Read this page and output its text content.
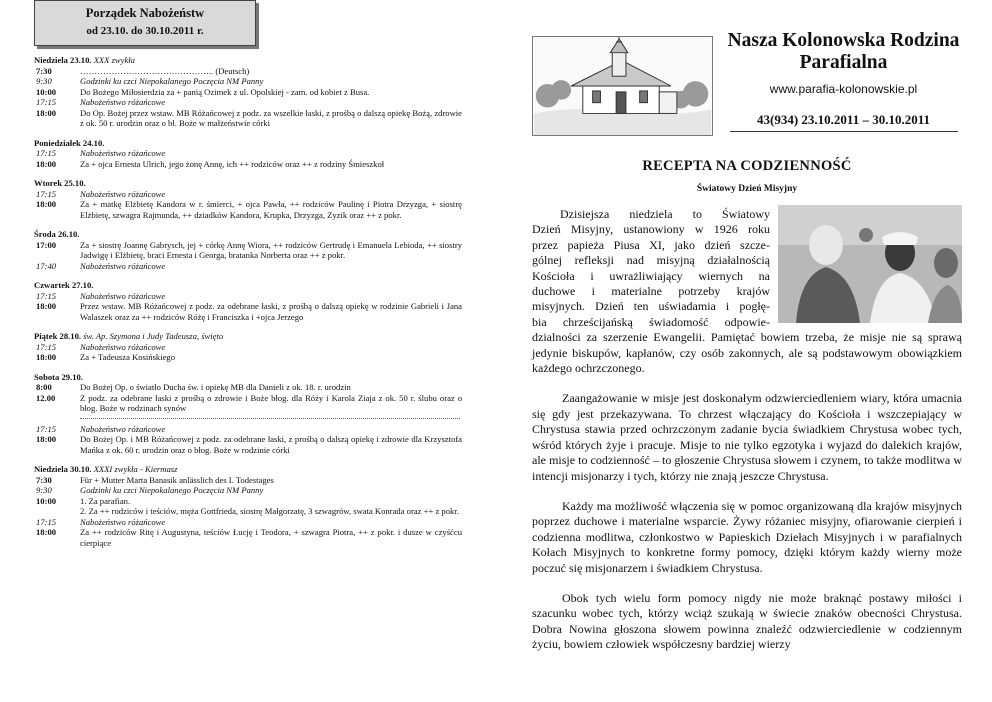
Porządek Nabożeństw
od 23.10. do 30.10.2011 r.
Niedziela 23.10. XXX zwykła
7:30	……………………………………….. (Deutsch)
9:30	Godzinki ku czci Niepokalanego Poczęcia NM Panny
10:00	Do Bożego Miłosierdzia za + panią Ozimek z ul. Opolskiej - zam. od kobiet z Busa.
17:15	Nabożeństwo różańcowe
18:00	Do Op. Bożej przez wstaw. MB Różańcowej z podz. za wszelkie łaski, z prośbą o dalszą opiekę Bożą, zdrowie z ok. 50 r. urodzin oraz o bł. Boże w małżeństwie córki
Poniedziałek 24.10.
17:15	Nabożeństwo różańcowe
18:00	Za + ojca Ernesta Ulrich, jego żonę Annę, ich ++ rodziców oraz ++ z rodziny Śmieszkoł
Wtorek 25.10.
17:15	Nabożeństwo różańcowe
18:00	Za + matkę Elżbietę Kandora w r. śmierci, + ojca Pawła, ++ rodziców Paulinę i Piotra Drzyzga, + siostrę Elżbietę, szwagra Rajmunda, ++ dziadków Kandora, Krupka, Drzyzga, Zyzik oraz ++ z pokr.
Środa 26.10.
17:00	Za + siostrę Joannę Gabrysch, jej + córkę Annę Wiora, ++ rodziców Gertrudę i Emanuela Lebioda, ++ siostry Jadwigę i Elżbietę, braci Ernesta i Georga, bratanka Norberta oraz ++ z pokr.
17:40	Nabożeństwo różańcowe
Czwartek 27.10.
17:15	Nabożeństwo różańcowe
18:00	Przez wstaw. MB Różańcowej z podz. za odebrane łaski, z prośbą o dalszą opiekę w rodzinie Gabrieli i Jana Walaszek oraz za ++ rodziców Różę i Franciszka i +ojca Jerzego
Piątek 28.10. św. Ap. Szymona i Judy Tadeusza, święto
17:15	Nabożeństwo różańcowe
18:00	Za + Tadeusza Kosińskiego
Sobota 29.10.
8:00	Do Bożej Op. o światło Ducha św. i opiekę MB dla Danieli z ok. 18. r. urodzin
12.00	Z podz. za odebrane łaski z prośbą o zdrowie i Boże błog. dla Róży i Karola Ziaja z ok. 50 r. ślubu oraz o błog. Boże w rodzinach synów
17:15	Nabożeństwo różańcowe
18:00	Do Bożej Op. i MB Różańcowej z podz. za odebrane łaski, z prośbą o dalszą opiekę i zdrowie dla Krzysztofa Mańka z ok. 60 r. urodzin oraz o błog. Boże w rodzinie córki
Niedziela 30.10. XXXI zwykła - Kiermasz
7:30	Für + Mutter Marta Banasik anlässlich des I. Todestages
9:30	Godzinki ku czci Niepokalanego Poczęcia NM Panny
10:00	1. Za parafian.
2. Za ++ rodziców i teściów, męża Gottfrieda, siostrę Małgorzatę, 3 szwagrów, swata Konrada oraz ++ z pokr.
17:15	Nabożeństwo różańcowe
18:00	Za ++ rodziców Ritę i Augustyna, teściów Łucję i Teodora, + szwagra Piotra, ++ z pokr. i dusze w czyśćcu cierpiące
Nasza Kolonowska Rodzina Parafialna
www.parafia-kolonowskie.pl
43(934) 23.10.2011 – 30.10.2011
RECEPTA NA CODZIENNOŚĆ
Światowy Dzień Misyjny
Dzisiejsza niedziela to Światowy
Dzień Misyjny, ustanowiony w 1926 roku
przez papieża Piusa XI, jako dzień szcze-
gólnej refleksji nad misyjną działalnością
Kościoła i uwrażliwiający wiernych na
duchowe i materialne potrzeby krajów
misyjnych. Dzień ten uświadamia i pogłę-
bia chrześcijańską świadomość odpowie-

dzialności za szerzenie Ewangelii. Pamiętać bowiem trzeba, że misje nie są sprawą jedynie biskupów, kapłanów, czy osób zakonnych, ale są podstawowym obowiązkiem każdego ochrzczonego.

Zaangażowanie w misje jest doskonałym odzwierciedleniem wiary, która umacnia się gdy jest przekazywana. To chrzest włączający do Kościoła i wszczepiający w Chrystusa stawia przed ochrzczonym zadanie bycia świadkiem Chrystusa wobec tych, wśród których żyje i pracuje. Misje to nie tylko egzotyka i wyjazd do dalekich krajów, ale misje to codzienność – to głoszenie Chrystusa słowem i czynem, to także modlitwa w intencji misjonarzy i tych, którzy nie znają jeszcze Chrystusa.

Każdy ma możliwość włączenia się w pomoc organizowaną dla krajów misyjnych poprzez duchowe i materialne wsparcie. Żywy różaniec misyjny, ofiarowanie cierpień i codzienna modlitwa, członkostwo w Papieskich Dziełach Misyjnych i w parafialnych Kołach Misyjnych to konkretne formy pomocy, dzięki którym każdy wierny może poczuć się misjonarzem i świadkiem Chrystusa.

Obok tych wielu form pomocy nigdy nie może braknąć postawy miłości i szacunku wobec tych, którzy wciąż szukają w świecie znaków obecności Chrystusa. Dobra Nowina głoszona słowem powinna znaleźć odzwierciedlenie w codziennym życiu, bowiem człowiek współczesny bardziej wierzy
